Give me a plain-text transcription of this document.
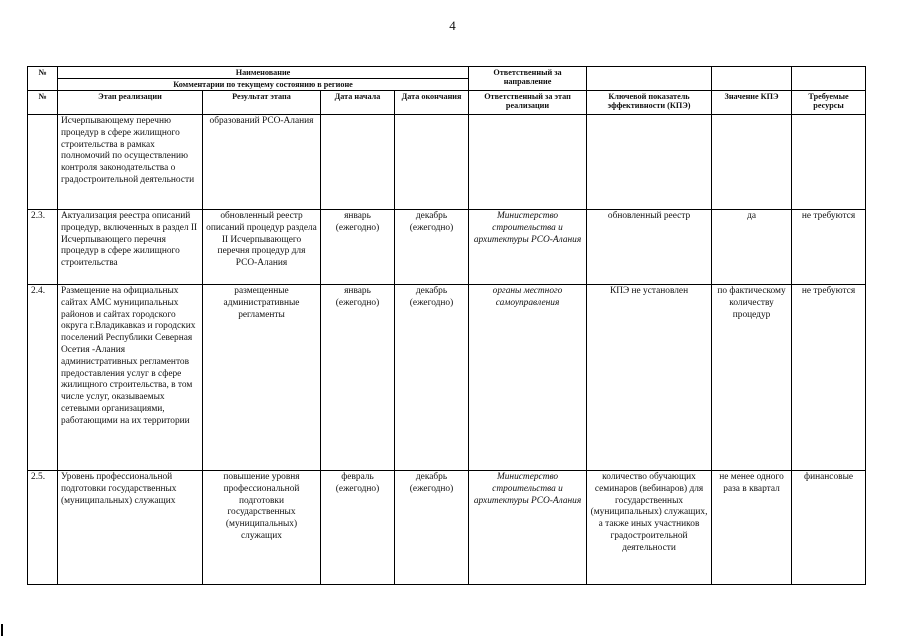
4
№	Наименование				Ответственный за направление			
	Комментарии по текущему состоянию в регионе							
№	Этап реализации	Результат этапа	Дата начала	Дата окончания	Ответственный за этап реализации	Ключевой показатель эффективности (КПЭ)	Значение КПЭ	Требуемые ресурсы
	Исчерпывающему перечню процедур в сфере жилищного строительства в рамках полномочий по осуществлению контроля законодательства о градостроительной деятельности	образований РСО-Алания						
2.3.	Актуализация реестра описаний процедур, включенных в раздел II Исчерпывающего перечня процедур в сфере жилищного строительства	обновленный реестр описаний процедур раздела II Исчерпывающего перечня процедур для РСО-Алания	январь (ежегодно)	декабрь (ежегодно)	Министерство строительства и архитектуры РСО-Алания	обновленный реестр	да	не требуются
2.4.	Размещение на официальных сайтах АМС муниципальных районов и сайтах городского округа г.Владикавказ и городских поселений Республики Северная Осетия -Алания административных регламентов предоставления услуг в сфере жилищного строительства, в том числе услуг, оказываемых сетевыми организациями, работающими на их территории	размещенные административные регламенты	январь (ежегодно)	декабрь (ежегодно)	органы местного самоуправления	КПЭ не установлен	по фактическому количеству процедур	не требуются
2.5.	Уровень профессиональной подготовки государственных (муниципальных) служащих	повышение уровня профессиональной подготовки государственных (муниципальных) служащих	февраль (ежегодно)	декабрь (ежегодно)	Министерство строительства и архитектуры РСО-Алания	количество обучающих семинаров (вебинаров) для государственных (муниципальных) служащих, а также иных участников градостроительной деятельности	не менее одного раза в квартал	финансовые
